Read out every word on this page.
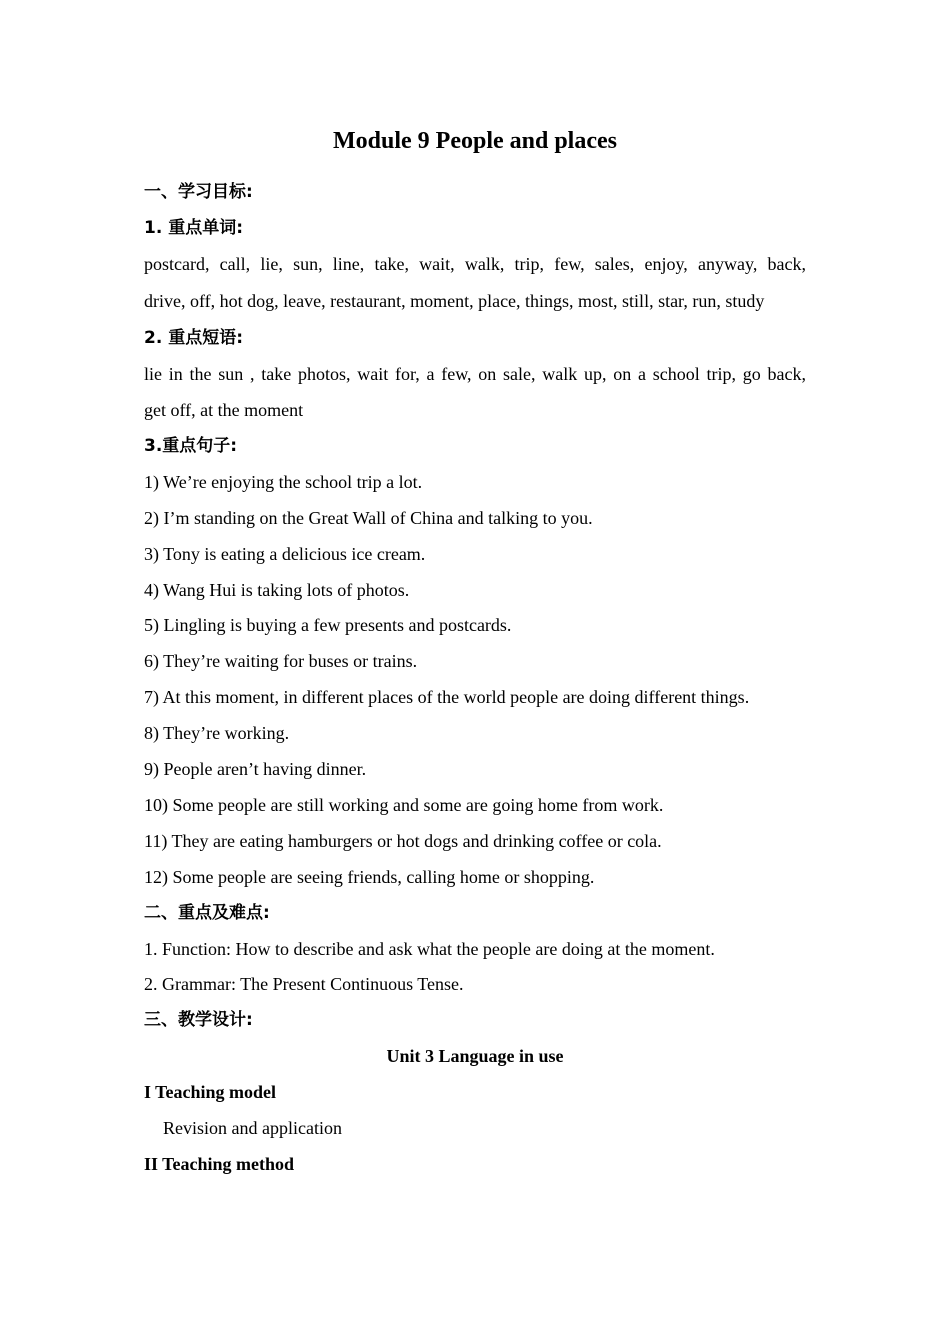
Module 9 People and places
一、学习目标:
1. 重点单词:
postcard, call, lie, sun, line, take, wait, walk, trip, few, sales, enjoy, anyway, back,
drive, off, hot dog, leave, restaurant, moment, place, things, most, still, star, run, study
2. 重点短语:
lie in the sun , take photos, wait for, a few, on sale, walk up, on a school trip, go back,
get off, at the moment
3.重点句子:
1) We’re enjoying the school trip a lot.
2) I’m standing on the Great Wall of China and talking to you.
3) Tony is eating a delicious ice cream.
4) Wang Hui is taking lots of photos.
5) Lingling is buying a few presents and postcards.
6) They’re waiting for buses or trains.
7) At this moment, in different places of the world people are doing different things.
8) They’re working.
9) People aren’t having dinner.
10) Some people are still working and some are going home from work.
11) They are eating hamburgers or hot dogs and drinking coffee or cola.
12) Some people are seeing friends, calling home or shopping.
二、重点及难点:
1. Function: How to describe and ask what the people are doing at the moment.
2. Grammar: The Present Continuous Tense.
三、教学设计:
Unit 3 Language in use
I Teaching model
Revision and application
II Teaching method
